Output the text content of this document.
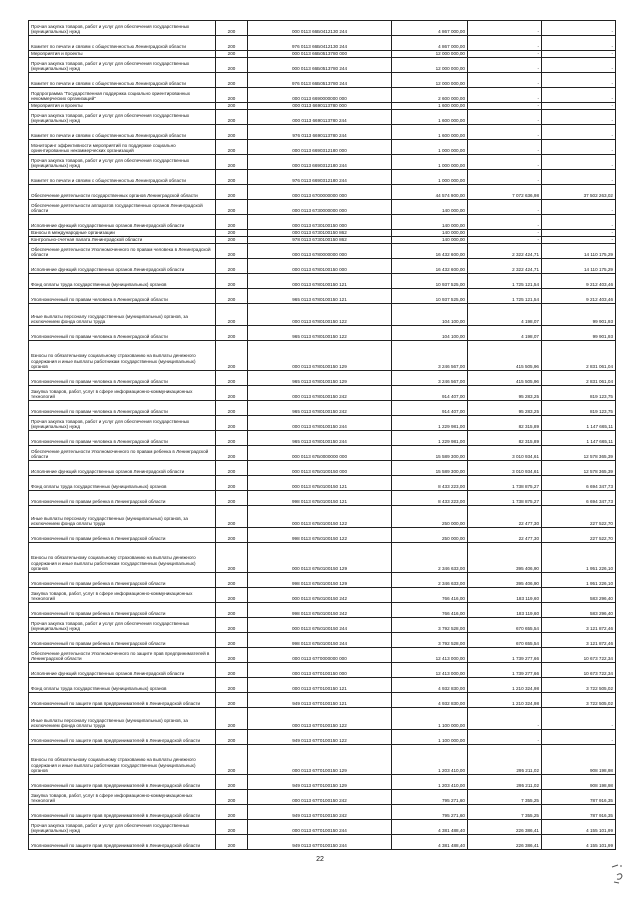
Прочая закупка товаров, работ и услуг для обеспечения государственных (муниципальных) нужд	200	000 0113 66Б0412130 244	4 867 000,00	-	-
Комитет по печати и связям с общественностью Ленинградской области	200	976 0113 66Б0412130 244	4 867 000,00	-	-
Мероприятия и проекты	200	000 0113 66Б0513780 000	12 000 000,00	-	-
Прочая закупка товаров, работ и услуг для обеспечения государственных (муниципальных) нужд	200	000 0113 66Б0513780 244	12 000 000,00	-	-
Комитет по печати и связям с общественностью Ленинградской области	200	976 0113 66Б0513780 244	12 000 000,00	-	-
Подпрограмма "Государственная поддержка социально ориентированных некоммерческих организаций"	200	000 0113 6690000000 000	2 600 000,00	-	-
Мероприятия и проекты	200	000 0113 6690113780 000	1 600 000,00	-	-
Прочая закупка товаров, работ и услуг для обеспечения государственных (муниципальных) нужд	200	000 0113 6690113780 244	1 600 000,00	-	-
Комитет по печати и связям с общественностью Ленинградской области	200	976 0113 6690113780 244	1 600 000,00	-	-
Мониторинг эффективности мероприятий по поддержке социально ориентированных некоммерческих организаций	200	000 0113 6690312180 000	1 000 000,00	-	-
Прочая закупка товаров, работ и услуг для обеспечения государственных (муниципальных) нужд	200	000 0113 6690312180 244	1 000 000,00	-	-
Комитет по печати и связям с общественностью Ленинградской области	200	976 0113 6690312180 244	1 000 000,00	-	-
Обеспечение деятельности государственных органов Ленинградской области	200	000 0113 6700000000 000	44 574 900,00	7 072 636,98	37 502 263,02
Обеспечение деятельности аппаратов государственных органов Ленинградской области	200	000 0113 6730000000 000	140 000,00	-	-
Исполнение функций государственных органов Ленинградской области	200	000 0113 6730100150 000	140 000,00	-	-
Взносы в международные организации	200	000 0113 6730100150 862	140 000,00	-	-
Контрольно-счетная палата Ленинградской области	200	978 0113 6730100150 862	140 000,00	-	-
Обеспечение деятельности Уполномоченного по правам человека в Ленинградской области	200	000 0113 6780000000 000	16 432 600,00	2 322 424,71	14 110 175,29
Исполнение функций государственных органов Ленинградской области	200	000 0113 6780100150 000	16 432 600,00	2 322 424,71	14 110 175,29
Фонд оплаты труда государственных (муниципальных) органов	200	000 0113 6780100150 121	10 937 525,00	1 725 121,54	9 212 403,46
Уполномоченный по правам человека в Ленинградской области	200	965 0113 6780100150 121	10 937 525,00	1 725 121,54	9 212 403,46
Иные выплаты персоналу государственных (муниципальных) органов, за исключением фонда оплаты труда	200	000 0113 6780100150 122	104 100,00	4 198,07	99 901,93
Уполномоченный по правам человека в Ленинградской области	200	965 0113 6780100150 122	104 100,00	4 198,07	99 901,93
Взносы по обязательному социальному страхованию на выплаты денежного содержания и иные выплаты работникам государственных (муниципальных) органов	200	000 0113 6780100150 129	3 246 567,00	415 505,96	2 831 061,04
Уполномоченный по правам человека в Ленинградской области	200	965 0113 6780100150 129	3 246 567,00	415 505,96	2 831 061,04
Закупка товаров, работ, услуг в сфере информационно-коммуникационных технологий	200	000 0113 6780100150 242	914 407,00	95 283,25	819 123,75
Уполномоченный по правам человека в Ленинградской области	200	965 0113 6780100150 242	914 407,00	95 283,25	819 123,75
Прочая закупка товаров, работ и услуг для обеспечения государственных (муниципальных) нужд	200	000 0113 6780100150 244	1 229 981,00	82 315,89	1 147 665,11
Уполномоченный по правам человека в Ленинградской области	200	965 0113 6780100150 244	1 229 981,00	82 315,89	1 147 665,11
Обеспечение деятельности Уполномоченного по правам ребенка в Ленинградской области	200	000 0113 67Б0000000 000	15 589 300,00	3 010 934,61	12 578 365,39
Исполнение функций государственных органов Ленинградской области	200	000 0113 67Б0100150 000	15 589 300,00	3 010 934,61	12 578 365,39
Фонд оплаты труда государственных (муниципальных) органов	200	000 0113 67Б0100150 121	8 433 223,00	1 738 875,27	6 694 347,73
Уполномоченный по правам ребенка в Ленинградской области	200	998 0113 67Б0100150 121	8 433 223,00	1 738 875,27	6 694 347,73
Иные выплаты персоналу государственных (муниципальных) органов, за исключением фонда оплаты труда	200	000 0113 67Б0100150 122	250 000,00	22 477,30	227 522,70
Уполномоченный по правам ребенка в Ленинградской области	200	998 0113 67Б0100150 122	250 000,00	22 477,30	227 522,70
Взносы по обязательному социальному страхованию на выплаты денежного содержания и иные выплаты работникам государственных (муниципальных) органов	200	000 0113 67Б0100150 129	2 346 633,00	395 406,90	1 951 226,10
Уполномоченный по правам ребенка в Ленинградской области	200	998 0113 67Б0100150 129	2 346 633,00	395 406,90	1 951 226,10
Закупка товаров, работ, услуг в сфере информационно-коммуникационных технологий	200	000 0113 67Б0100150 242	766 416,00	183 119,60	583 296,40
Уполномоченный по правам ребенка в Ленинградской области	200	998 0113 67Б0100150 242	766 416,00	183 119,60	583 296,40
Прочая закупка товаров, работ и услуг для обеспечения государственных (муниципальных) нужд	200	000 0113 67Б0100150 244	3 792 528,00	670 655,54	3 121 872,46
Уполномоченный по правам ребенка в Ленинградской области	200	998 0113 67Б0100150 244	3 792 528,00	670 655,54	3 121 872,46
Обеспечение деятельности Уполномоченного по защите прав предпринимателей в Ленинградской области	200	000 0113 67Г0000000 000	12 413 000,00	1 739 277,66	10 673 722,34
Исполнение функций государственных органов Ленинградской области	200	000 0113 67Г0100150 000	12 413 000,00	1 739 277,66	10 673 722,34
Фонд оплаты труда государственных (муниципальных) органов	200	000 0113 67Г0100150 121	4 932 830,00	1 210 324,98	3 722 505,02
Уполномоченный по защите прав предпринимателей в Ленинградской области	200	949 0113 67Г0100150 121	4 932 830,00	1 210 324,98	3 722 505,02
Иные выплаты персоналу государственных (муниципальных) органов, за исключением фонда оплаты труда	200	000 0113 67Г0100150 122	1 100 000,00	-	-
Уполномоченный по защите прав предпринимателей в Ленинградской области	200	949 0113 67Г0100150 122	1 100 000,00	-	-
Взносы по обязательному социальному страхованию на выплаты денежного содержания и иные выплаты работникам государственных (муниципальных) органов	200	000 0113 67Г0100150 129	1 203 410,00	295 211,02	908 198,98
Уполномоченный по защите прав предпринимателей в Ленинградской области	200	949 0113 67Г0100150 129	1 203 410,00	295 211,02	908 198,98
Закупка товаров, работ, услуг в сфере информационно-коммуникационных технологий	200	000 0113 67Г0100150 242	795 271,60	7 355,25	787 916,35
Уполномоченный по защите прав предпринимателей в Ленинградской области	200	949 0113 67Г0100150 242	795 271,60	7 355,25	787 916,35
Прочая закупка товаров, работ и услуг для обеспечения государственных (муниципальных) нужд	200	000 0113 67Г0100150 244	4 381 488,40	226 386,41	4 155 101,99
Уполномоченный по защите прав предпринимателей в Ленинградской области	200	949 0113 67Г0100150 244	4 381 488,40	226 386,41	4 155 101,99
22
